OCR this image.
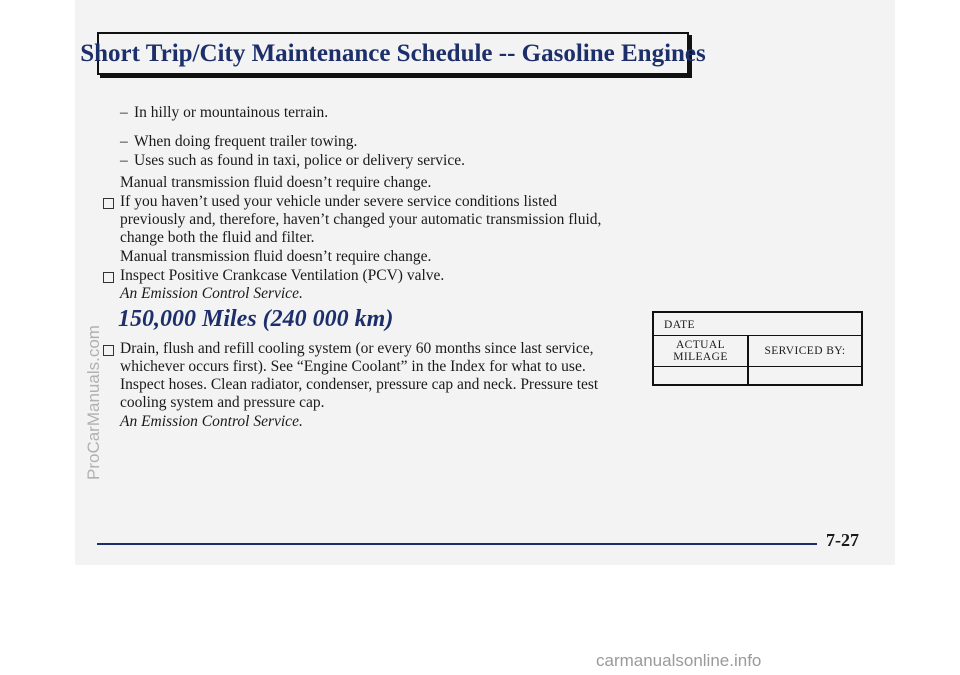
Short Trip/City Maintenance Schedule -- Gasoline Engines
– In hilly or mountainous terrain.
– When doing frequent trailer towing.
– Uses such as found in taxi, police or delivery service.
Manual transmission fluid doesn’t require change.
If you haven’t used your vehicle under severe service conditions listed
previously and, therefore, haven’t changed your automatic transmission fluid,
change both the fluid and filter.
Manual transmission fluid doesn’t require change.
Inspect Positive Crankcase Ventilation (PCV) valve.
An Emission Control Service.
150,000 Miles (240 000 km)
Drain, flush and refill cooling system (or every 60 months since last service,
whichever occurs first). See “Engine Coolant” in the Index for what to use.
Inspect hoses. Clean radiator, condenser, pressure cap and neck. Pressure test
cooling system and pressure cap.
An Emission Control Service.
DATE
ACTUAL
MILEAGE	SERVICED BY:
7-27
ProCarManuals.com
carmanualsonline.info
